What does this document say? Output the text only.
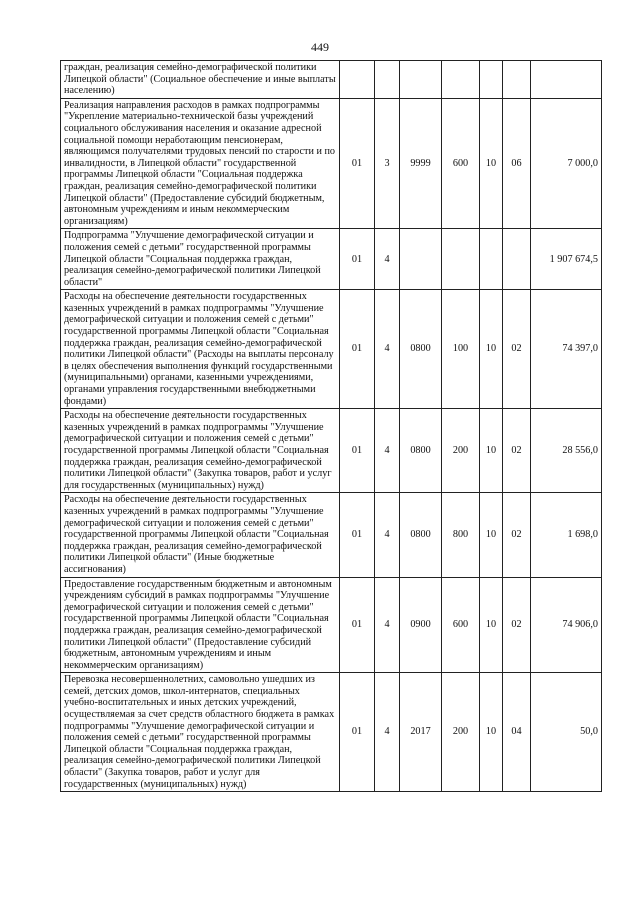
449
граждан, реализация семейно-демографической политики Липецкой области" (Социальное обеспечение и иные выплаты населению)							
Реализация направления расходов в рамках подпрограммы "Укрепление материально-технической базы учреждений социального обслуживания населения и оказание адресной социальной помощи неработающим пенсионерам, являющимся получателями трудовых пенсий по старости и по инвалидности, в Липецкой области" государственной программы Липецкой области "Социальная поддержка граждан, реализация семейно-демографической политики Липецкой области" (Предоставление субсидий бюджетным, автономным учреждениям и иным некоммерческим организациям)	01	3	9999	600	10	06	7 000,0
Подпрограмма "Улучшение демографической ситуации и положения семей с детьми" государственной программы Липецкой области "Социальная поддержка граждан, реализация семейно-демографической политики Липецкой области"	01	4					1 907 674,5
Расходы на обеспечение деятельности государственных казенных учреждений в рамках подпрограммы "Улучшение демографической ситуации и положения семей с детьми" государственной программы Липецкой области "Социальная поддержка граждан, реализация семейно-демографической политики Липецкой области" (Расходы на выплаты персоналу в целях обеспечения выполнения функций государственными (муниципальными) органами, казенными учреждениями, органами управления государственными внебюджетными фондами)	01	4	0800	100	10	02	74 397,0
Расходы на обеспечение деятельности государственных казенных учреждений в рамках подпрограммы "Улучшение демографической ситуации и положения семей с детьми" государственной программы Липецкой области "Социальная поддержка граждан, реализация семейно-демографической политики Липецкой области" (Закупка товаров, работ и услуг для государственных (муниципальных) нужд)	01	4	0800	200	10	02	28 556,0
Расходы на обеспечение деятельности государственных казенных учреждений в рамках подпрограммы "Улучшение демографической ситуации и положения семей с детьми" государственной программы Липецкой области "Социальная поддержка граждан, реализация семейно-демографической политики Липецкой области" (Иные бюджетные ассигнования)	01	4	0800	800	10	02	1 698,0
Предоставление государственным бюджетным и автономным учреждениям субсидий в рамках подпрограммы "Улучшение демографической ситуации и положения семей с детьми" государственной программы Липецкой области "Социальная поддержка граждан, реализация семейно-демографической политики Липецкой области" (Предоставление субсидий бюджетным, автономным учреждениям и иным некоммерческим организациям)	01	4	0900	600	10	02	74 906,0
Перевозка несовершеннолетних, самовольно ушедших из семей, детских домов, школ-интернатов, специальных учебно-воспитательных и иных детских учреждений, осуществляемая за счет средств областного бюджета в рамках подпрограммы "Улучшение демографической ситуации и положения семей с детьми" государственной программы Липецкой области "Социальная поддержка граждан, реализация семейно-демографической политики Липецкой области" (Закупка товаров, работ и услуг для государственных (муниципальных) нужд)	01	4	2017	200	10	04	50,0
